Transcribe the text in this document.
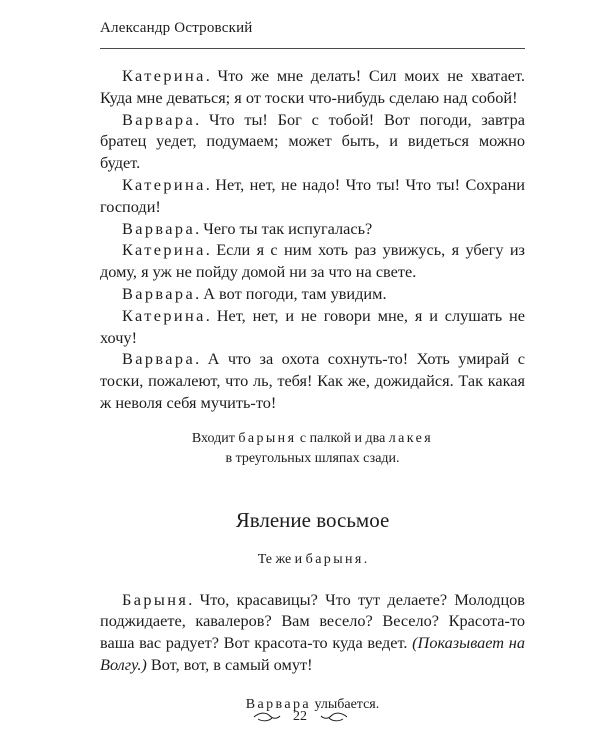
Александр Островский

Катерина. Что же мне делать! Сил моих не хватает. Куда мне деваться; я от тоски что-нибудь сделаю над собой!

Варвара. Что ты! Бог с тобой! Вот погоди, завтра братец уедет, подумаем; может быть, и видеться можно будет.

Катерина. Нет, нет, не надо! Что ты! Что ты! Сохрани господи!

Варвара. Чего ты так испугалась?

Катерина. Если я с ним хоть раз увижусь, я убегу из дому, я уж не пойду домой ни за что на свете.

Варвара. А вот погоди, там увидим.

Катерина. Нет, нет, и не говори мне, я и слушать не хочу!

Варвара. А что за охота сохнуть-то! Хоть умирай с тоски, пожалеют, что ль, тебя! Как же, дожидайся. Так какая ж неволя себя мучить-то!

Входит барыня с палкой и два лакея
в треугольных шляпах сзади.
Явление восьмое
Те же и барыня.

Барыня. Что, красавицы? Что тут делаете? Молодцов поджидаете, кавалеров? Вам весело? Весело? Красота-то ваша вас радует? Вот красота-то куда ведет. (Показывает на Волгу.) Вот, вот, в самый омут!

Варвара улыбается.
22
